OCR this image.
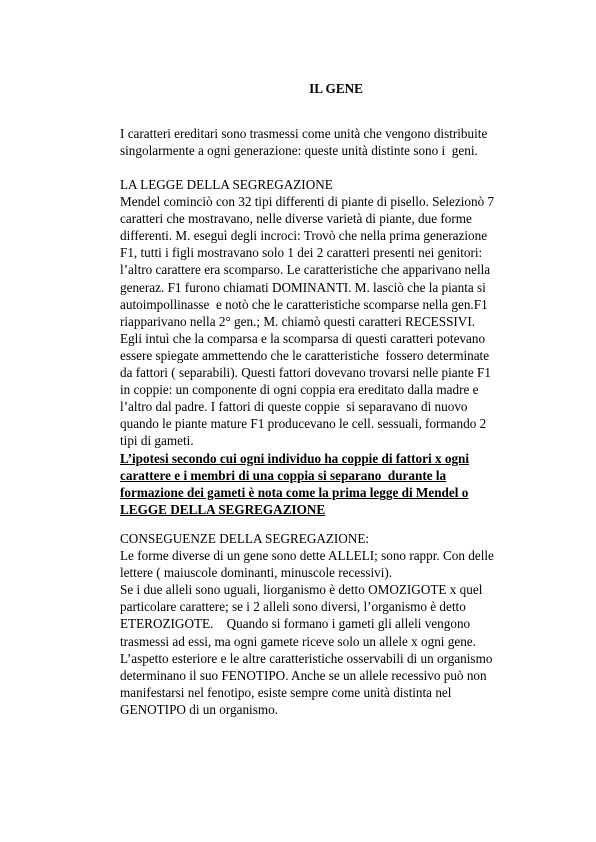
IL GENE
I caratteri ereditari sono trasmessi come unità che vengono distribuite
singolarmente a ogni generazione: queste unità distinte sono i  geni.
LA LEGGE DELLA SEGREGAZIONE
Mendel cominciò con 32 tipi differenti di piante di pisello. Selezionò 7
caratteri che mostravano, nelle diverse varietà di piante, due forme
differenti. M. eseguì degli incroci: Trovò che nella prima generazione
F1, tutti i figli mostravano solo 1 dei 2 caratteri presenti nei genitori:
l’altro carattere era scomparso. Le caratteristiche che apparivano nella
generaz. F1 furono chiamati DOMINANTI. M. lasciò che la pianta si
autoimpollinasse  e notò che le caratteristiche scomparse nella gen.F1
riapparivano nella 2° gen.; M. chiamò questi caratteri RECESSIVI.
Egli intuì che la comparsa e la scomparsa di questi caratteri potevano
essere spiegate ammettendo che le caratteristiche  fossero determinate
da fattori ( separabili). Questi fattori dovevano trovarsi nelle piante F1
in coppie: un componente di ogni coppia era ereditato dalla madre e
l’altro dal padre. I fattori di queste coppie  si separavano di nuovo
quando le piante mature F1 producevano le cell. sessuali, formando 2
tipi di gameti.
L’ipotesi secondo cui ogni individuo ha coppie di fattori x ogni
carattere e i membri di una coppia si separano  durante la
formazione dei gameti è nota come la prima legge di Mendel o
LEGGE DELLA SEGREGAZIONE
CONSEGUENZE DELLA SEGREGAZIONE:
Le forme diverse di un gene sono dette ALLELI; sono rappr. Con delle
lettere ( maiuscole dominanti, minuscole recessivi).
Se i due alleli sono uguali, liorganismo è detto OMOZIGOTE x quel
particolare carattere; se i 2 alleli sono diversi, l’organismo è detto
ETEROZIGOTE.    Quando si formano i gameti gli alleli vengono
trasmessi ad essi, ma ogni gamete riceve solo un allele x ogni gene.
L’aspetto esteriore e le altre caratteristiche osservabili di un organismo
determinano il suo FENOTIPO. Anche se un allele recessivo può non
manifestarsi nel fenotipo, esiste sempre come unità distinta nel
GENOTIPO di un organismo.
